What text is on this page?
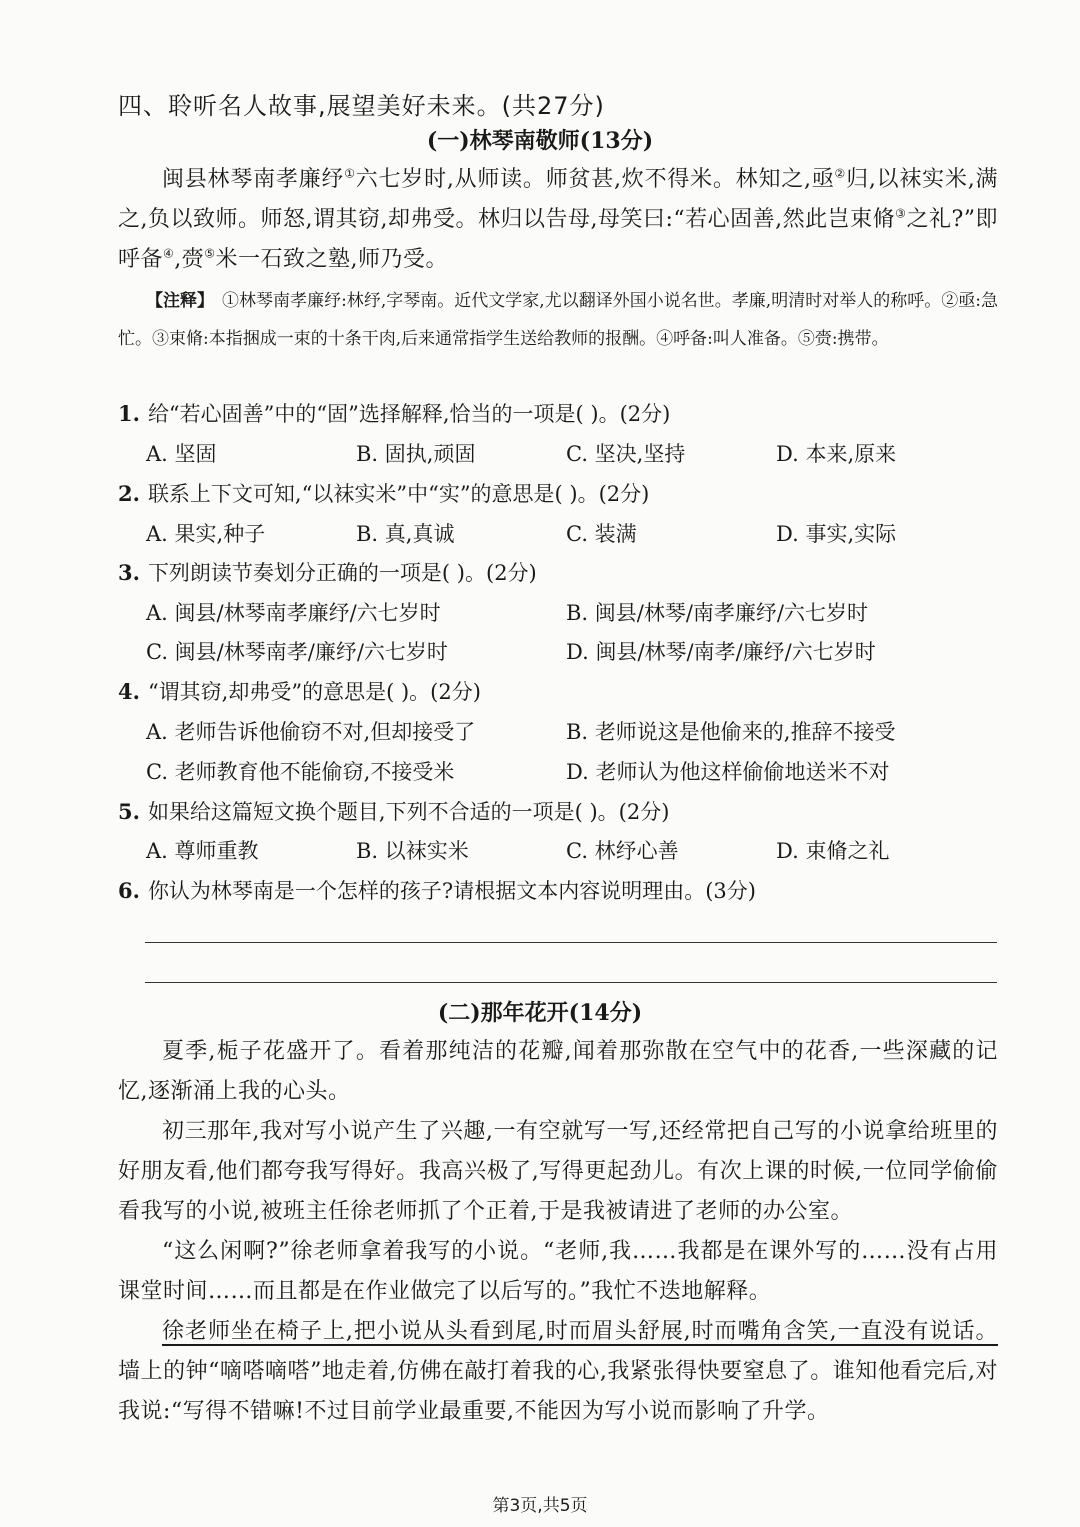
四、聆听名人故事,展望美好未来。(共27分)
(一)林琴南敬师(13分)
闽县林琴南孝廉纾①六七岁时,从师读。师贫甚,炊不得米。林知之,亟②归,以袜实米,满之,负以致师。师怒,谓其窃,却弗受。林归以告母,母笑曰:“若心固善,然此岂束脩③之礼?”即呼备④,赍⑤米一石致之塾,师乃受。
【注释】 ①林琴南孝廉纾:林纾,字琴南。近代文学家,尤以翻译外国小说名世。孝廉,明清时对举人的称呼。②亟:急忙。③束脩:本指捆成一束的十条干肉,后来通常指学生送给教师的报酬。④呼备:叫人准备。⑤赍:携带。
1. 给“若心固善”中的“固”选择解释,恰当的一项是( )。(2分)
A. 坚固	B. 固执,顽固	C. 坚决,坚持	D. 本来,原来
2. 联系上下文可知,“以袜实米”中“实”的意思是( )。(2分)
A. 果实,种子	B. 真,真诚	C. 装满	D. 事实,实际
3. 下列朗读节奏划分正确的一项是( )。(2分)
A. 闽县/林琴南孝廉纾/六七岁时	B. 闽县/林琴/南孝廉纾/六七岁时
C. 闽县/林琴南孝/廉纾/六七岁时	D. 闽县/林琴/南孝/廉纾/六七岁时
4. “谓其窃,却弗受”的意思是( )。(2分)
A. 老师告诉他偷窃不对,但却接受了	B. 老师说这是他偷来的,推辞不接受
C. 老师教育他不能偷窃,不接受米	D. 老师认为他这样偷偷地送米不对
5. 如果给这篇短文换个题目,下列不合适的一项是( )。(2分)
A. 尊师重教	B. 以袜实米	C. 林纾心善	D. 束脩之礼
6. 你认为林琴南是一个怎样的孩子?请根据文本内容说明理由。(3分)
(二)那年花开(14分)
夏季,栀子花盛开了。看着那纯洁的花瓣,闻着那弥散在空气中的花香,一些深藏的记忆,逐渐涌上我的心头。
初三那年,我对写小说产生了兴趣,一有空就写一写,还经常把自己写的小说拿给班里的好朋友看,他们都夸我写得好。我高兴极了,写得更起劲儿。有次上课的时候,一位同学偷偷看我写的小说,被班主任徐老师抓了个正着,于是我被请进了老师的办公室。
“这么闲啊?”徐老师拿着我写的小说。“老师,我……我都是在课外写的……没有占用课堂时间……而且都是在作业做完了以后写的。”我忙不迭地解释。
徐老师坐在椅子上,把小说从头看到尾,时而眉头舒展,时而嘴角含笑,一直没有说话。墙上的钟“嘀嗒嘀嗒”地走着,仿佛在敲打着我的心,我紧张得快要窒息了。谁知他看完后,对我说:“写得不错嘛!不过目前学业最重要,不能因为写小说而影响了升学。
第3页,共5页
